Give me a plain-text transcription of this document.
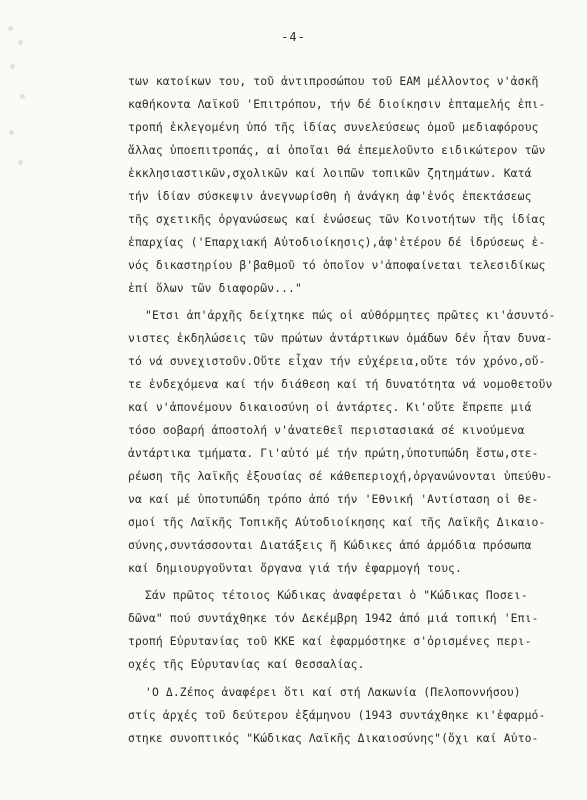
-4-
των κατοίκων του, τοῦ ἀντιπροσώπου τοῦ ΕΑΜ μέλλοντος ν'ἀσκῆ
καθήκοντα Λαϊκοῦ 'Επιτρόπου, τήν δέ διοίκησιν ἐπταμελής ἐπι-
τροπή ἐκλεγομένη ὑπό τῆς ἰδίας συνελεύσεως ὁμοῦ μεδιαφόρους
ἄλλας ὑποεπιτροπάς, αἱ ὁποῖαι θά ἐπεμελοῦντο ειδικώτερον τῶν
ἐκκλησιαστικῶν,σχολικῶν καί λοιπῶν τοπικῶν ζητημάτων. Κατά
τήν ἰδίαν σύσκεψιν ἀνεγνωρίσθη ἡ ἀνάγκη ἀφ'ἑνός ἐπεκτάσεως
τῆς σχετικῆς ὀργανώσεως καί ἑνώσεως τῶν Κοινοτήτων τῆς ἰδίας
ἐπαρχίας ('Επαρχιακή Αὐτοδιοίκησις),ἀφ'ἑτέρου δέ ἱδρύσεως ἑ-
νός δικαστηρίου β'βαθμοῦ τό ὁποῖον ν'ἀποφαίνεται τελεσιδίκως
ἐπί ὅλων τῶν διαφορῶν..."
"Ετσι ἀπ'ἀρχῆς δείχτηκε πώς οἱ αὐθόρμητες πρῶτες κι'ἀσυντό-
νιστες ἐκδηλώσεις τῶν πρώτων ἀντάρτικων ὁμάδων δέν ἦταν δυνα-
τό νά συνεχιστοῦν.Οὔτε εἶχαν τήν εὐχέρεια,οὔτε τόν χρόνο,οὔ-
τε ἐνδεχόμενα καί τήν διάθεση καί τή δυνατότητα νά νομοθετοῦν
καί ν'ἀπονέμουν δικαιοσύνη οἱ ἀντάρτες. Κι'οὔτε ἔπρεπε μιά
τόσο σοβαρή ἀποστολή ν'ἀνατεθεῖ περιστασιακά σέ κινούμενα
ἀντάρτικα τμήματα. Γι'αὐτό μέ τήν πρώτη,ὑποτυπώδη ἔστω,στε-
ρέωση τῆς λαϊκῆς ἐξουσίας σέ κάθεπεριοχή,ὀργανώνονται ὑπεύθυ-
να καί μέ ὑποτυπώδη τρόπο ἀπό τήν 'Εθνική 'Αντίσταση οἱ θε-
σμοί τῆς Λαϊκῆς Τοπικῆς Αὐτοδιοίκησης καί τῆς Λαϊκῆς Δικαιο-
σύνης,συντάσσονται Διατάξεις ἤ Κώδικες ἀπό ἁρμόδια πρόσωπα
καί δημιουργοῦνται ὄργανα γιά τήν ἐφαρμογή τους.
Σάν πρῶτος τέτοιος Κώδικας ἀναφέρεται ὁ "Κώδικας Ποσει-
δῶνα" πού συντάχθηκε τόν Δεκέμβρη 1942 ἀπό μιά τοπική 'Επι-
τροπή Εὐρυτανίας τοῦ ΚΚΕ καί ἐφαρμόστηκε σ'ὁρισμένες περι-
οχές τῆς Εὐρυτανίας καί Θεσσαλίας.
'Ο Δ.Ζέπος ἀναφέρει ὅτι καί στή Λακωνία (Πελοποννήσου)
στίς ἀρχές τοῦ δεύτερου ἑξάμηνου (1943 συντάχθηκε κι'ἐφαρμό-
στηκε συνοπτικός "Κώδικας Λαϊκῆς Δικαιοσύνης"(ὄχι καί Αὐτο-
